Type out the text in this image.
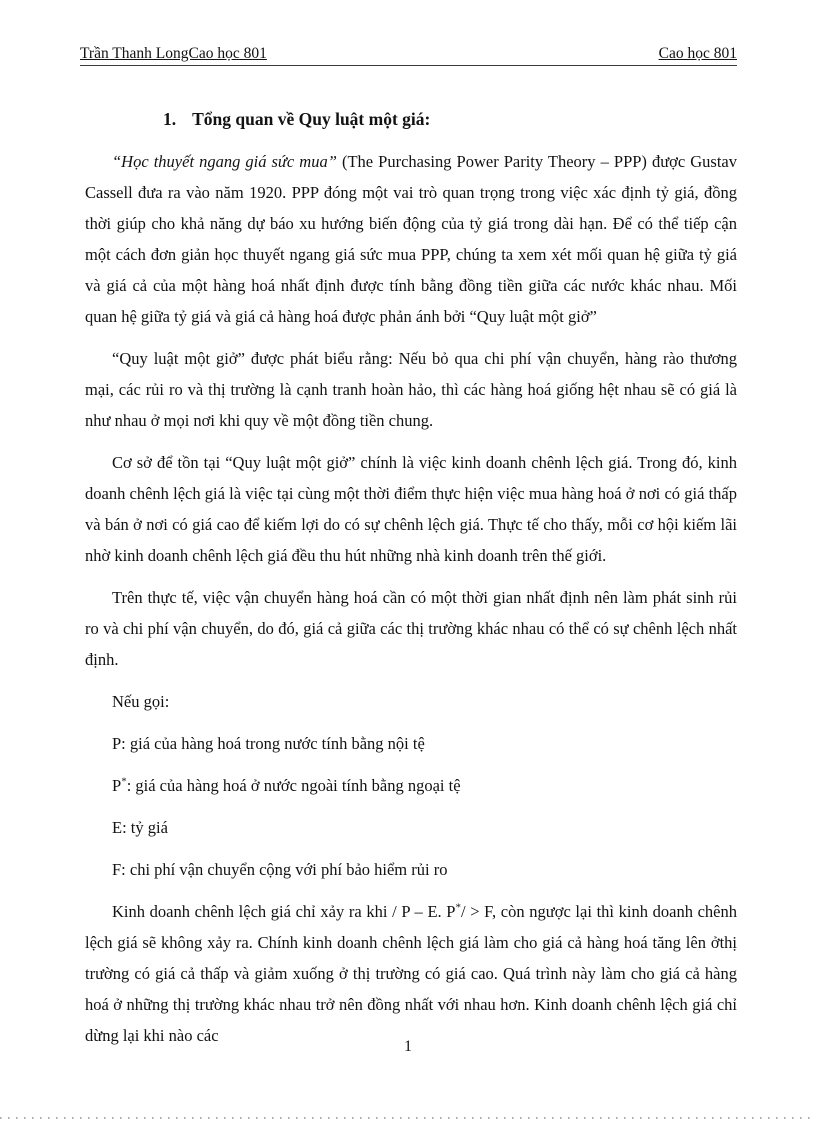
Trần Thanh LongCao học 801	Cao học 801
1. Tổng quan về Quy luật một giá:

“Học thuyết ngang giá sức mua” (The Purchasing Power Parity Theory – PPP) được Gustav Cassell đưa ra vào năm 1920. PPP đóng một vai trò quan trọng trong việc xác định tỷ giá, đồng thời giúp cho khả năng dự báo xu hướng biến động của tỷ giá trong dài hạn. Để có thể tiếp cận một cách đơn giản học thuyết ngang giá sức mua PPP, chúng ta xem xét mối quan hệ giữa tỷ giá và giá cả của một hàng hoá nhất định được tính bằng đồng tiền giữa các nước khác nhau. Mối quan hệ giữa tỷ giá và giá cả hàng hoá được phản ánh bởi “Quy luật một giở”

“Quy luật một giở” được phát biểu rằng: Nếu bỏ qua chi phí vận chuyển, hàng rào thương mại, các rủi ro và thị trường là cạnh tranh hoàn hảo, thì các hàng hoá giống hệt nhau sẽ có giá là như nhau ở mọi nơi khi quy về một đồng tiền chung.

Cơ sở để tồn tại “Quy luật một giở” chính là việc kinh doanh chênh lệch giá. Trong đó, kinh doanh chênh lệch giá là việc tại cùng một thời điểm thực hiện việc mua hàng hoá ở nơi có giá thấp và bán ở nơi có giá cao để kiếm lợi do có sự chênh lệch giá. Thực tế cho thấy, mỗi cơ hội kiếm lãi nhờ kinh doanh chênh lệch giá đều thu hút những nhà kinh doanh trên thế giới.

Trên thực tế, việc vận chuyển hàng hoá cần có một thời gian nhất định nên làm phát sinh rủi ro và chi phí vận chuyển, do đó, giá cả giữa các thị trường khác nhau có thể có sự chênh lệch nhất định.

Nếu gọi:

P: giá của hàng hoá trong nước tính bằng nội tệ

P*: giá của hàng hoá ở nước ngoài tính bằng ngoại tệ

E: tỷ giá

F: chi phí vận chuyển cộng với phí bảo hiểm rủi ro

Kinh doanh chênh lệch giá chỉ xảy ra khi / P – E. P*/ > F, còn ngược lại thì kinh doanh chênh lệch giá sẽ không xảy ra. Chính kinh doanh chênh lệch giá làm cho giá cả hàng hoá tăng lên ởthị trường có giá cả thấp và giảm xuống ở thị trường có giá cao. Quá trình này làm cho giá cả hàng hoá ở những thị trường khác nhau trở nên đồng nhất với nhau hơn. Kinh doanh chênh lệch giá chỉ dừng lại khi nào các

1
